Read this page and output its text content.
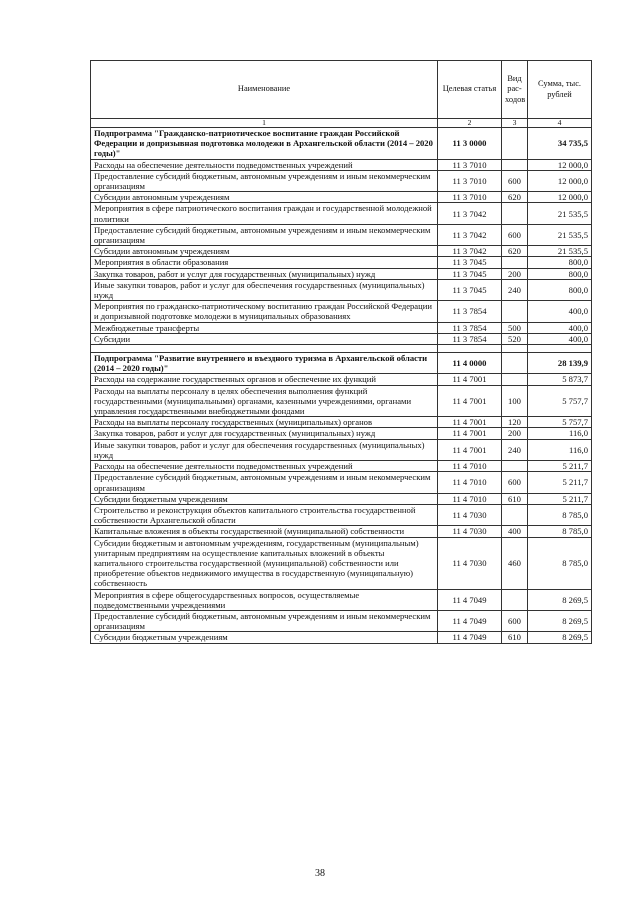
Наименование	Целевая статья	Вид рас-ходов	Сумма, тыс. рублей
1	2	3	4
Подпрограмма "Гражданско-патриотическое воспитание граждан Российской Федерации и допризывная подготовка молодежи в Архангельской области (2014 – 2020 годы)"	11 3 0000		34 735,5
Расходы на обеспечение деятельности подведомственных учреждений	11 3 7010		12 000,0
Предоставление субсидий бюджетным, автономным учреждениям и иным некоммерческим организациям	11 3 7010	600	12 000,0
Субсидии автономным учреждениям	11 3 7010	620	12 000,0
Мероприятия в сфере патриотического воспитания граждан и государственной молодежной политики	11 3 7042		21 535,5
Предоставление субсидий бюджетным, автономным учреждениям и иным некоммерческим организациям	11 3 7042	600	21 535,5
Субсидии автономным учреждениям	11 3 7042	620	21 535,5
Мероприятия в области образования	11 3 7045		800,0
Закупка товаров, работ и услуг для государственных (муниципальных) нужд	11 3 7045	200	800,0
Иные закупки товаров, работ и услуг для обеспечения государственных (муниципальных) нужд	11 3 7045	240	800,0
Мероприятия по гражданско-патриотическому воспитанию граждан Российской Федерации и допризывной подготовке молодежи в муниципальных образованиях	11 3 7854		400,0
Межбюджетные трансферты	11 3 7854	500	400,0
Субсидии	11 3 7854	520	400,0

Подпрограмма "Развитие внутреннего и въездного туризма в Архангельской области (2014 – 2020 годы)"	11 4 0000		28 139,9
Расходы на содержание государственных органов и обеспечение их функций	11 4 7001		5 873,7
Расходы на выплаты персоналу в целях обеспечения выполнения функций государственными (муниципальными) органами, казенными учреждениями, органами управления государственными внебюджетными фондами	11 4 7001	100	5 757,7
Расходы на выплаты персоналу государственных (муниципальных) органов	11 4 7001	120	5 757,7
Закупка товаров, работ и услуг для государственных (муниципальных) нужд	11 4 7001	200	116,0
Иные закупки товаров, работ и услуг для обеспечения государственных (муниципальных) нужд	11 4 7001	240	116,0
Расходы на обеспечение деятельности подведомственных учреждений	11 4 7010		5 211,7
Предоставление субсидий бюджетным, автономным учреждениям и иным некоммерческим организациям	11 4 7010	600	5 211,7
Субсидии бюджетным учреждениям	11 4 7010	610	5 211,7
Строительство и реконструкция объектов капитального строительства государственной собственности Архангельской области	11 4 7030		8 785,0
Капитальные вложения в объекты государственной (муниципальной) собственности	11 4 7030	400	8 785,0
Субсидии бюджетным и автономным учреждениям, государственным (муниципальным) унитарным предприятиям на осуществление капитальных вложений в объекты капитального строительства государственной (муниципальной) собственности или приобретение объектов недвижимого имущества в государственную (муниципальную) собственность	11 4 7030	460	8 785,0
Мероприятия в сфере общегосударственных вопросов, осуществляемые подведомственными учреждениями	11 4 7049		8 269,5
Предоставление субсидий бюджетным, автономным учреждениям и иным некоммерческим организациям	11 4 7049	600	8 269,5
Субсидии бюджетным учреждениям	11 4 7049	610	8 269,5
38
